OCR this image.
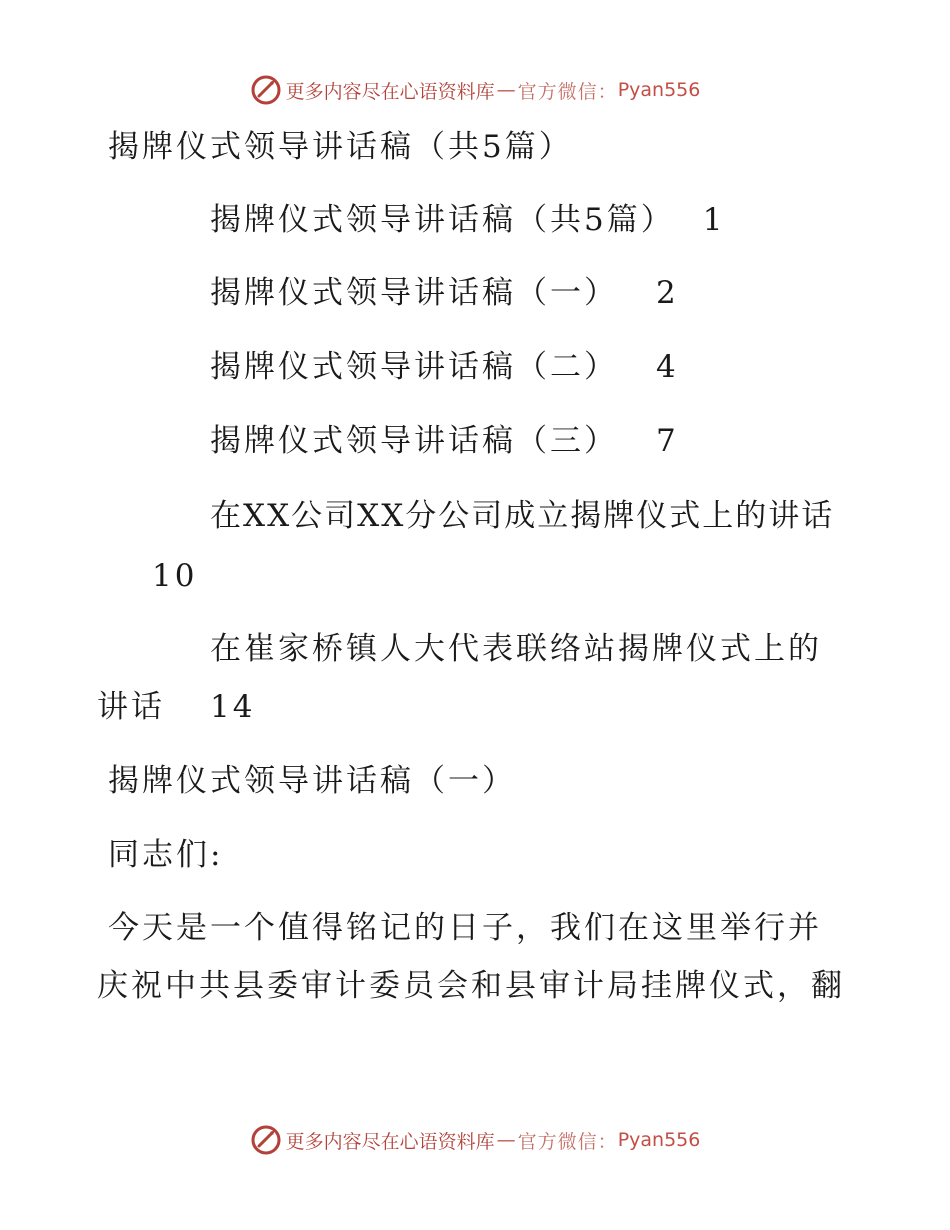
更多内容尽在心语资料库 — 官方微信： Pyan556
揭牌仪式领导讲话稿（共5篇）
揭牌仪式领导讲话稿（共5篇） 1
揭牌仪式领导讲话稿（一） 2
揭牌仪式领导讲话稿（二） 4
揭牌仪式领导讲话稿（三） 7
在XX公司XX分公司成立揭牌仪式上的讲话
10
在崔家桥镇人大代表联络站揭牌仪式上的
讲话 14
揭牌仪式领导讲话稿（一）
同志们:
今天是一个值得铭记的日子，我们在这里举行并
庆祝中共县委审计委员会和县审计局挂牌仪式，翻
更多内容尽在心语资料库 — 官方微信： Pyan556
